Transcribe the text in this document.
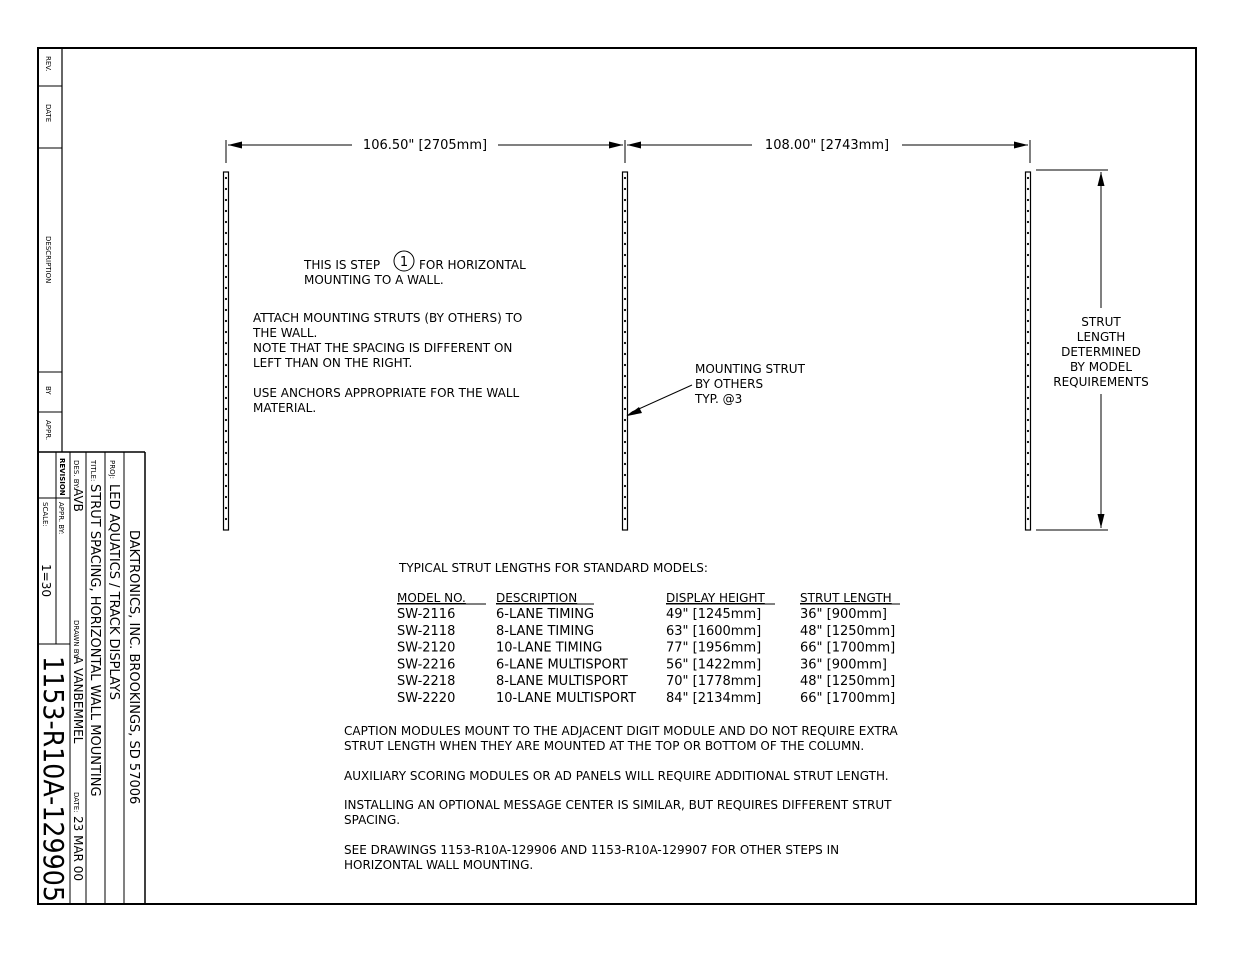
REV.
DATE
DESCRIPTION
BY
APPR.
REVISION
DAKTRONICS, INC. BROOKINGS, SD 57006
PROJ:
LED AQUATICS / TRACK DISPLAYS
TITLE:
STRUT SPACING, HORIZONTAL WALL MOUNTING
DES. BY:
AVB
DRAWN BY:
A VANBEMMEL
DATE:
23 MAR 00
APPR. BY:
SCALE:
1=30
1153-R10A-129905
106.50" [2705mm]	108.00" [2743mm]
STRUT
LENGTH
DETERMINED
BY MODEL
REQUIREMENTS
THIS IS STEP 1 FOR HORIZONTAL
MOUNTING TO A WALL.
ATTACH MOUNTING STRUTS (BY OTHERS) TO
THE WALL.
NOTE THAT THE SPACING IS DIFFERENT ON
LEFT THAN ON THE RIGHT.
USE ANCHORS APPROPRIATE FOR THE WALL
MATERIAL.
MOUNTING STRUT
BY OTHERS
TYP. @3
TYPICAL STRUT LENGTHS FOR STANDARD MODELS:
MODEL NO.	DESCRIPTION	DISPLAY HEIGHT	STRUT LENGTH
SW-2116	6-LANE TIMING	49" [1245mm]	36" [900mm]
SW-2118	8-LANE TIMING	63" [1600mm]	48" [1250mm]
SW-2120	10-LANE TIMING	77" [1956mm]	66" [1700mm]
SW-2216	6-LANE MULTISPORT	56" [1422mm]	36" [900mm]
SW-2218	8-LANE MULTISPORT	70" [1778mm]	48" [1250mm]
SW-2220	10-LANE MULTISPORT 84" [2134mm]	66" [1700mm]
CAPTION MODULES MOUNT TO THE ADJACENT DIGIT MODULE AND DO NOT REQUIRE EXTRA
STRUT LENGTH WHEN THEY ARE MOUNTED AT THE TOP OR BOTTOM OF THE COLUMN.
AUXILIARY SCORING MODULES OR AD PANELS WILL REQUIRE ADDITIONAL STRUT LENGTH.
INSTALLING AN OPTIONAL MESSAGE CENTER IS SIMILAR, BUT REQUIRES DIFFERENT STRUT
SPACING.
SEE DRAWINGS 1153-R10A-129906 AND 1153-R10A-129907 FOR OTHER STEPS IN
HORIZONTAL WALL MOUNTING.
